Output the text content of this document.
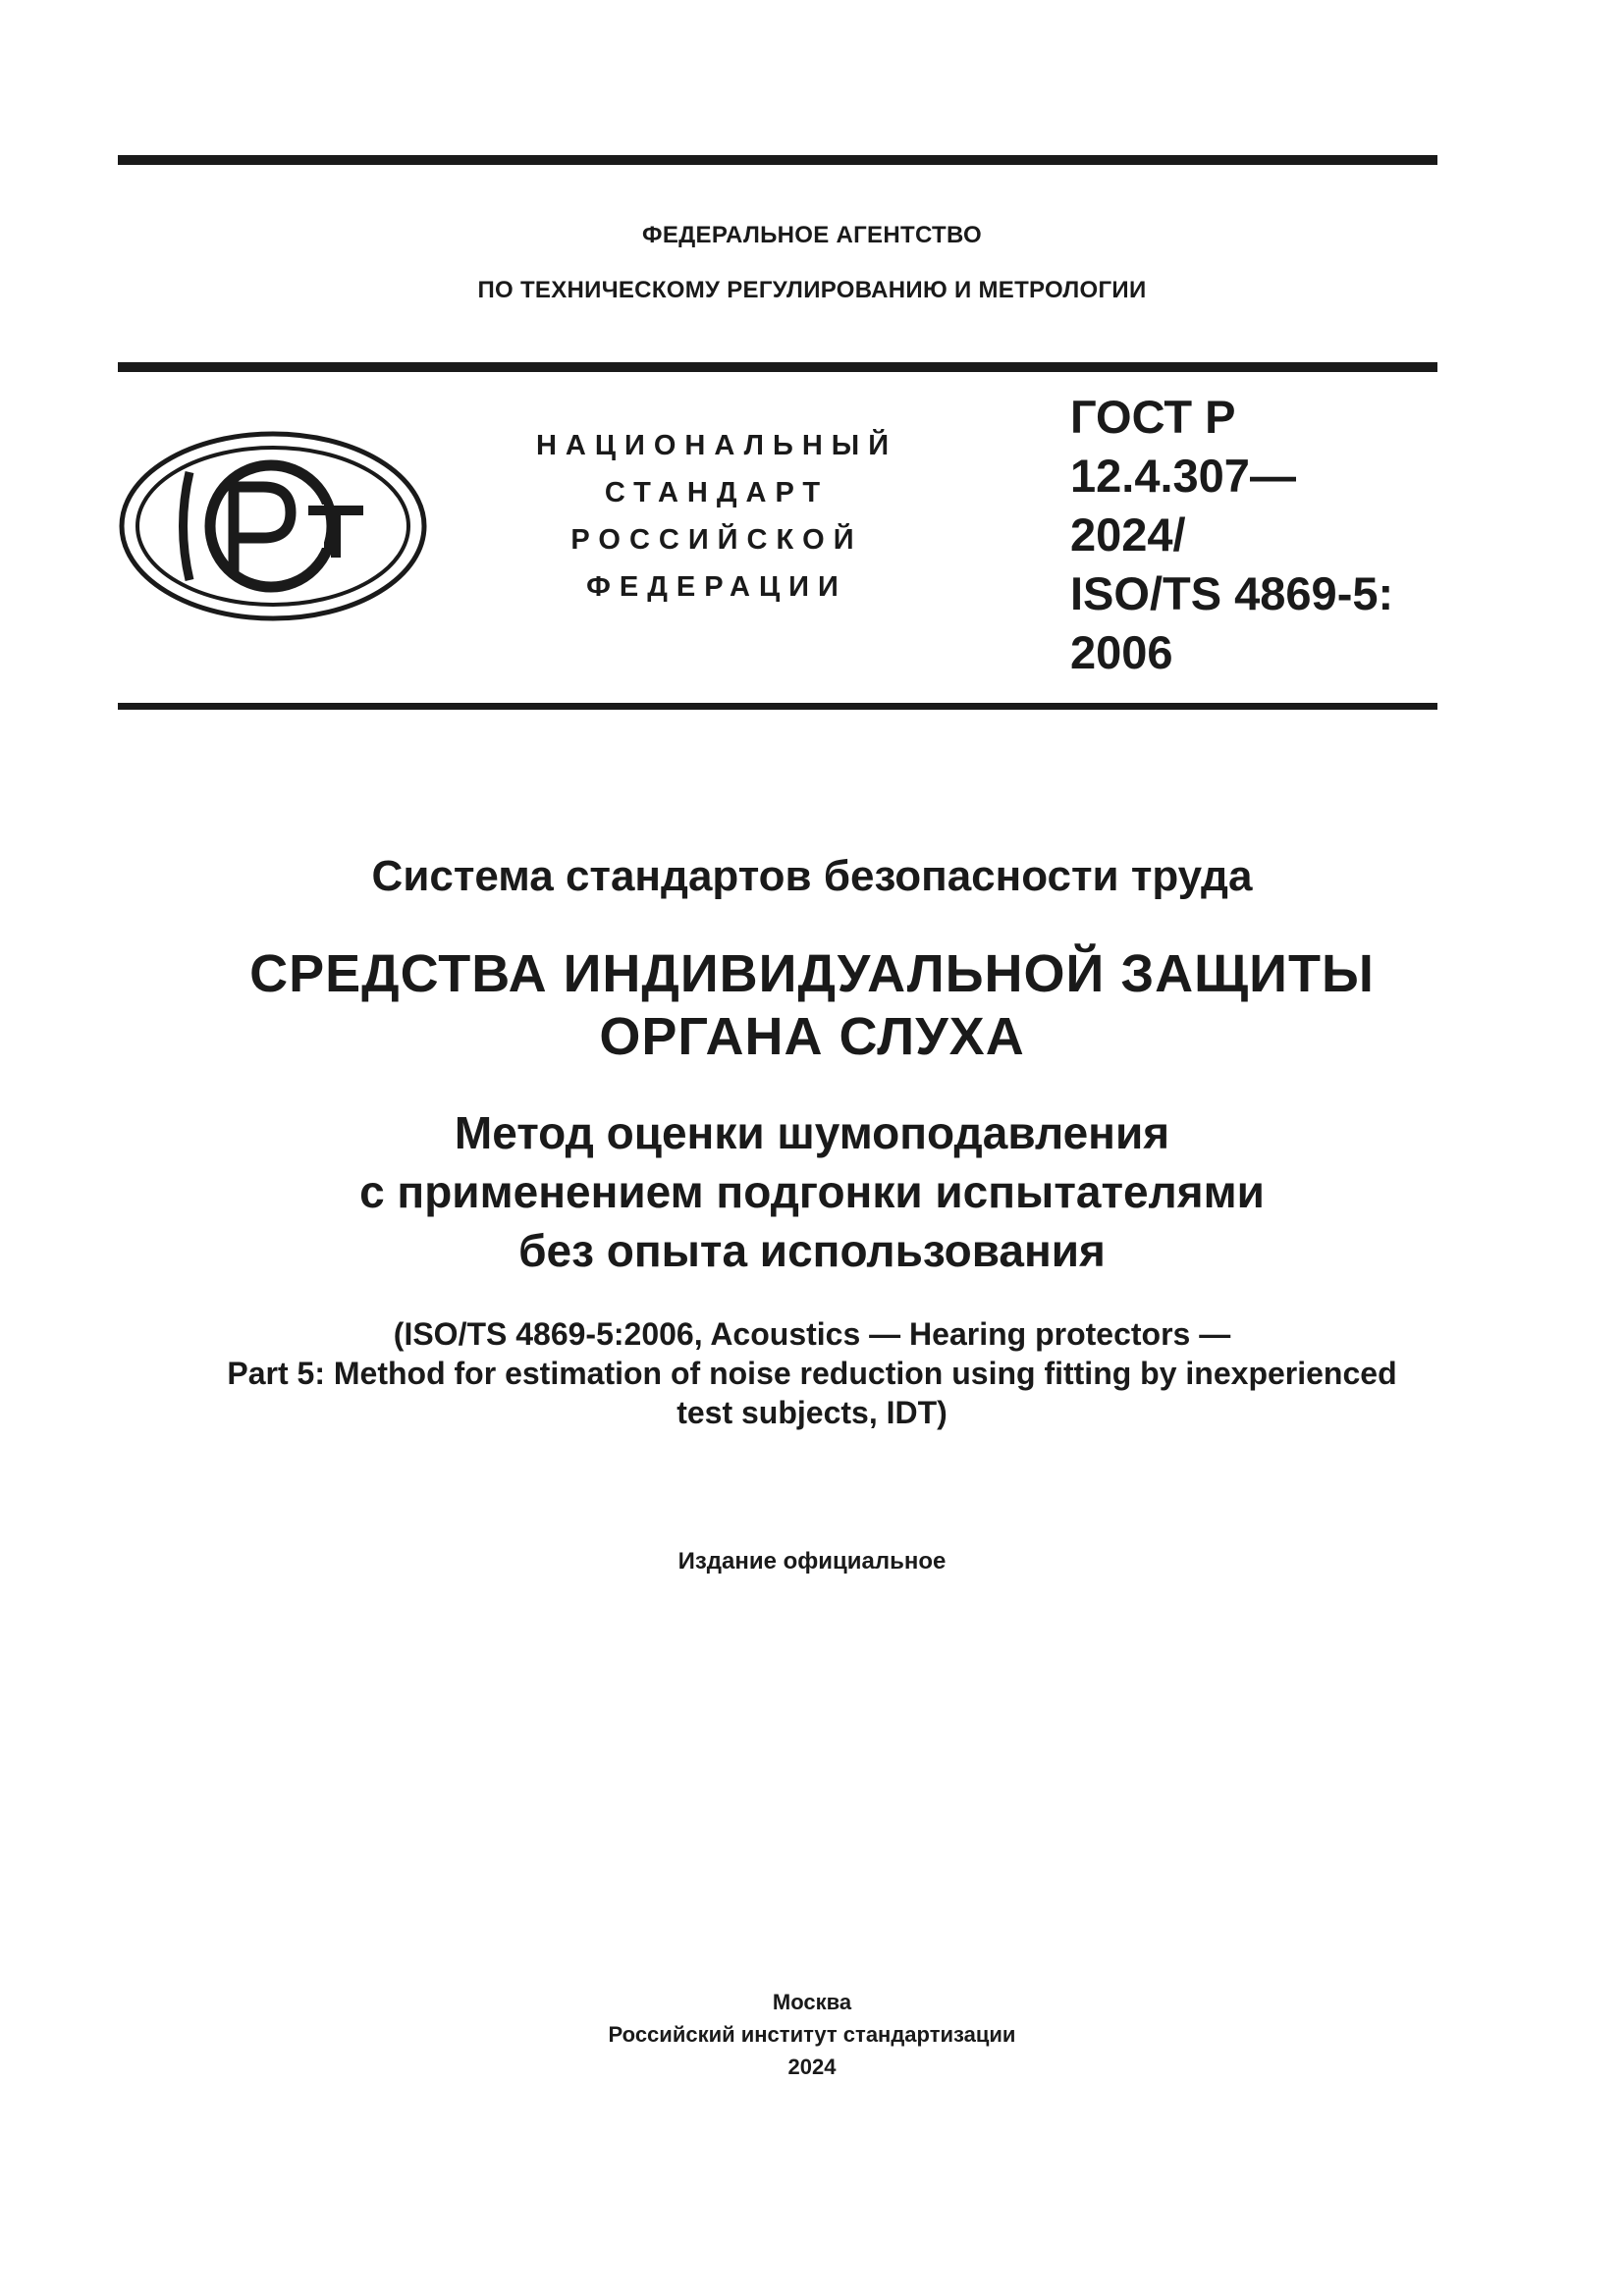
ФЕДЕРАЛЬНОЕ АГЕНТСТВО
ПО ТЕХНИЧЕСКОМУ РЕГУЛИРОВАНИЮ И МЕТРОЛОГИИ
НАЦИОНАЛЬНЫЙ
СТАНДАРТ
РОССИЙСКОЙ
ФЕДЕРАЦИИ
ГОСТ Р
12.4.307—
2024/
ISO/TS 4869-5:
2006
Система стандартов безопасности труда
СРЕДСТВА ИНДИВИДУАЛЬНОЙ ЗАЩИТЫ
ОРГАНА СЛУХА
Метод оценки шумоподавления
с применением подгонки испытателями
без опыта использования
(ISO/TS 4869-5:2006, Acoustics — Hearing protectors —
Part 5: Method for estimation of noise reduction using fitting by inexperienced
test subjects, IDT)
Издание официальное
Москва
Российский институт стандартизации
2024
